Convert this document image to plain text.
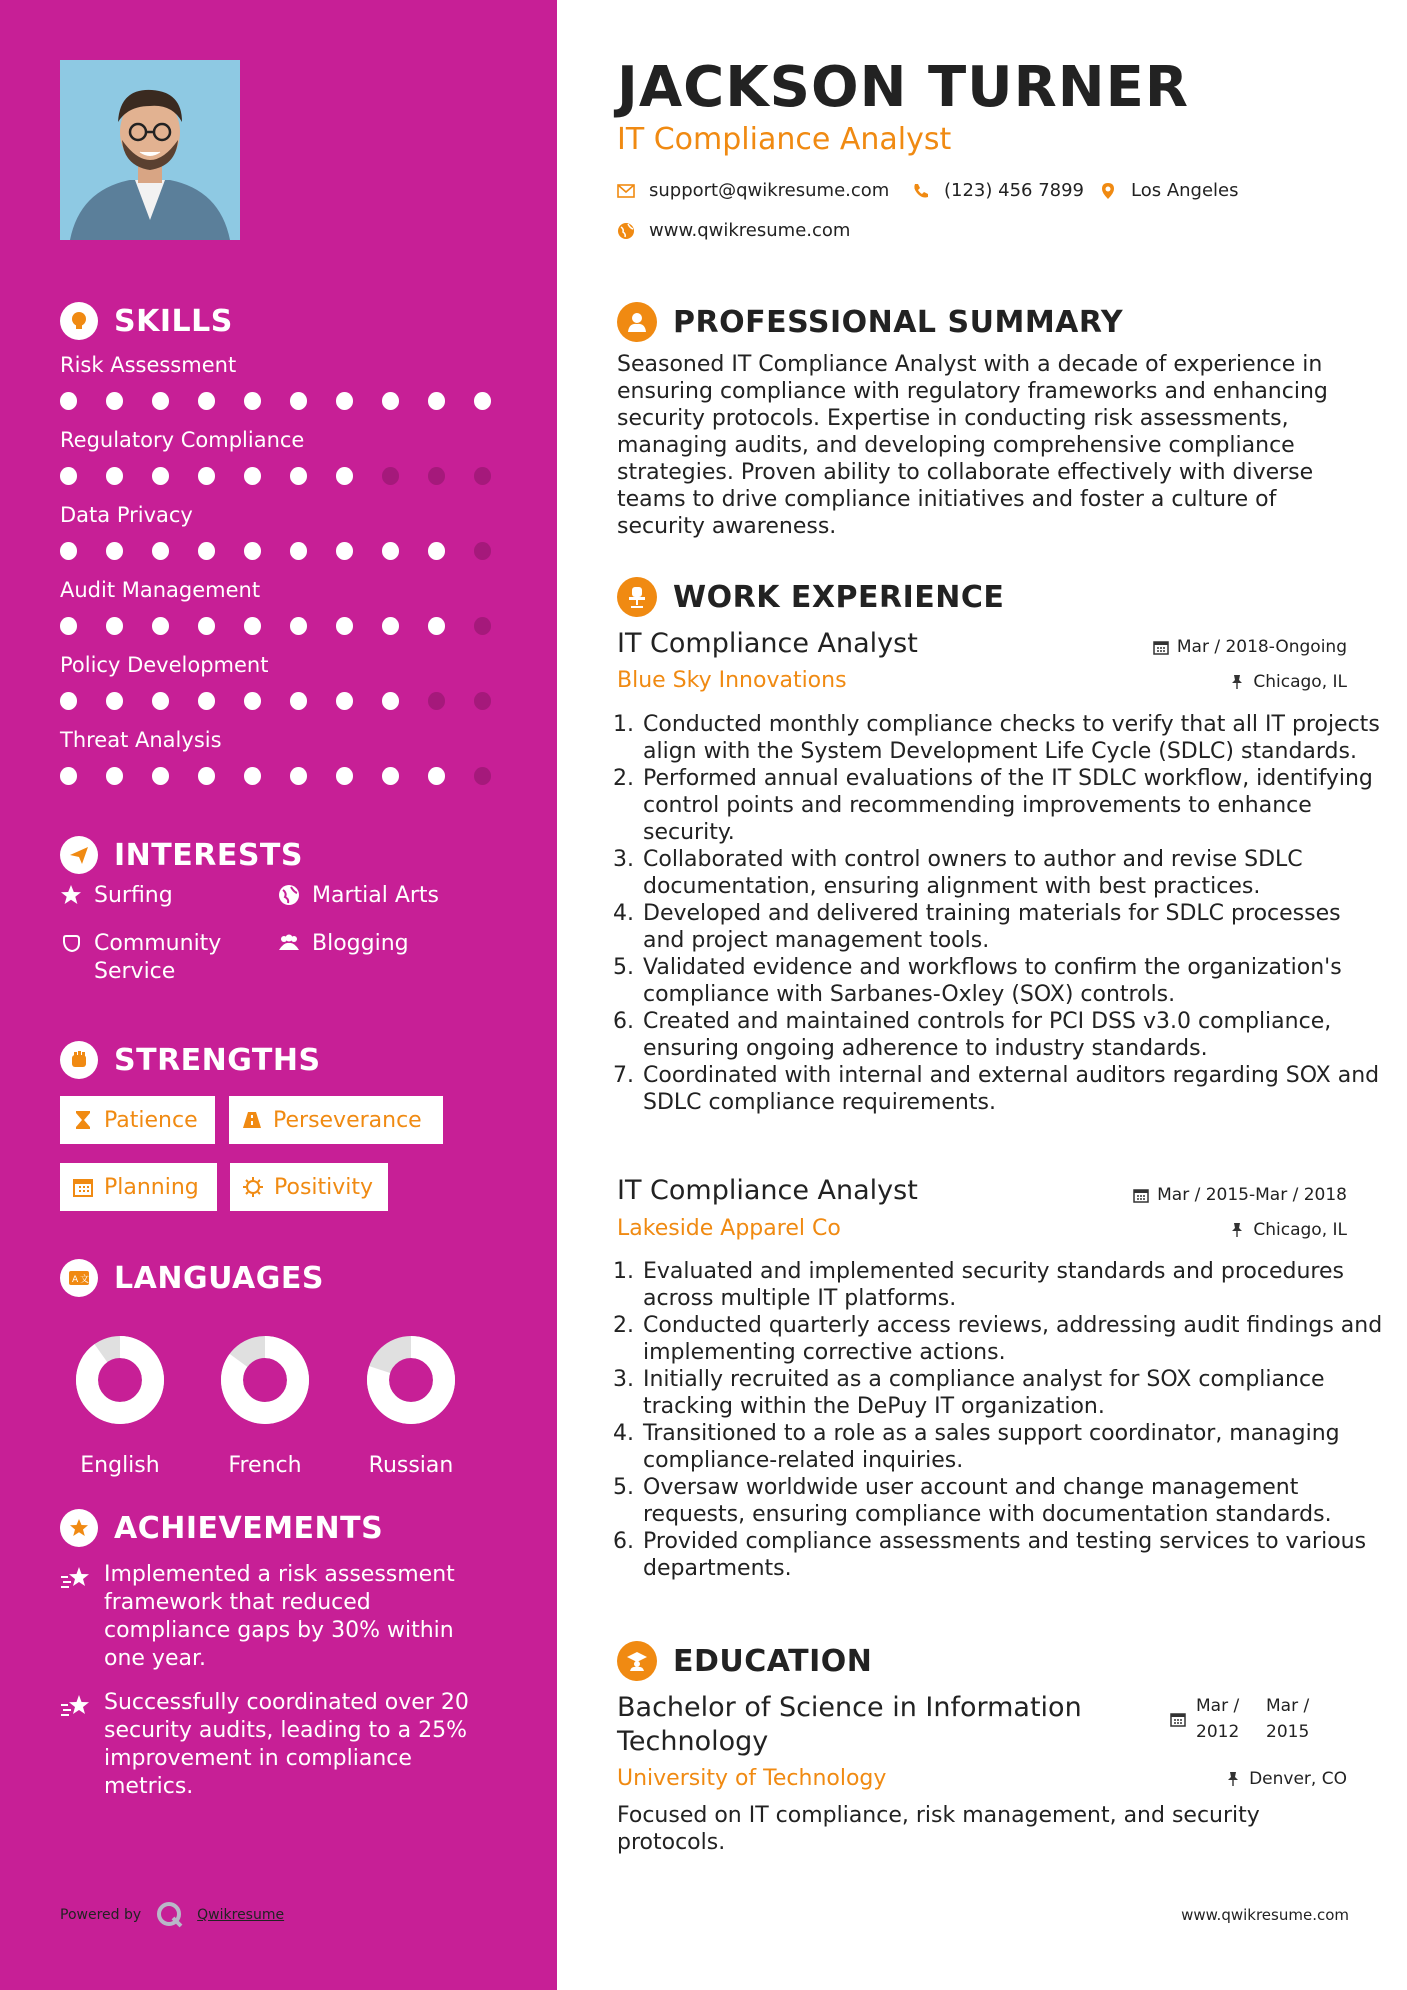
SKILLS
Risk Assessment
Regulatory Compliance
Data Privacy
Audit Management
Policy Development
Threat Analysis
INTERESTS
Surfing	Martial Arts
Community Service
Blogging
STRENGTHS
Patience	Perseverance
Planning	Positivity
A 文 LANGUAGES
English	French	Russian
ACHIEVEMENTS
Implemented a risk assessment framework that reduced compliance gaps by 30% within one year.
Successfully coordinated over 20 security audits, leading to a 25% improvement in compliance metrics.
Powered by	Qwikresume
JACKSON TURNER
IT Compliance Analyst
support@qwikresume.com	(123) 456 7899	Los Angeles
www.qwikresume.com
PROFESSIONAL SUMMARY
Seasoned IT Compliance Analyst with a decade of experience in ensuring compliance with regulatory frameworks and enhancing security protocols. Expertise in conducting risk assessments, managing audits, and developing comprehensive compliance strategies. Proven ability to collaborate effectively with diverse teams to drive compliance initiatives and foster a culture of security awareness.
WORK EXPERIENCE
IT Compliance Analyst
Blue Sky Innovations
Mar / 2018-Ongoing
Chicago, IL
1. Conducted monthly compliance checks to verify that all IT projects align with the System Development Life Cycle (SDLC) standards.
2. Performed annual evaluations of the IT SDLC workflow, identifying control points and recommending improvements to enhance security.
3. Collaborated with control owners to author and revise SDLC documentation, ensuring alignment with best practices.
4. Developed and delivered training materials for SDLC processes and project management tools.
5. Validated evidence and workflows to confirm the organization's compliance with Sarbanes-Oxley (SOX) controls.
6. Created and maintained controls for PCI DSS v3.0 compliance, ensuring ongoing adherence to industry standards.
7. Coordinated with internal and external auditors regarding SOX and SDLC compliance requirements.
IT Compliance Analyst
Lakeside Apparel Co
Mar / 2015-Mar / 2018
Chicago, IL
1. Evaluated and implemented security standards and procedures across multiple IT platforms.
2. Conducted quarterly access reviews, addressing audit findings and implementing corrective actions.
3. Initially recruited as a compliance analyst for SOX compliance tracking within the DePuy IT organization.
4. Transitioned to a role as a sales support coordinator, managing compliance-related inquiries.
5. Oversaw worldwide user account and change management requests, ensuring compliance with documentation standards.
6. Provided compliance assessments and testing services to various departments.
EDUCATION
Bachelor of Science in Information Technology
University of Technology
Mar /
2012
Mar /
2015
Denver, CO
Focused on IT compliance, risk management, and security protocols.
www.qwikresume.com
